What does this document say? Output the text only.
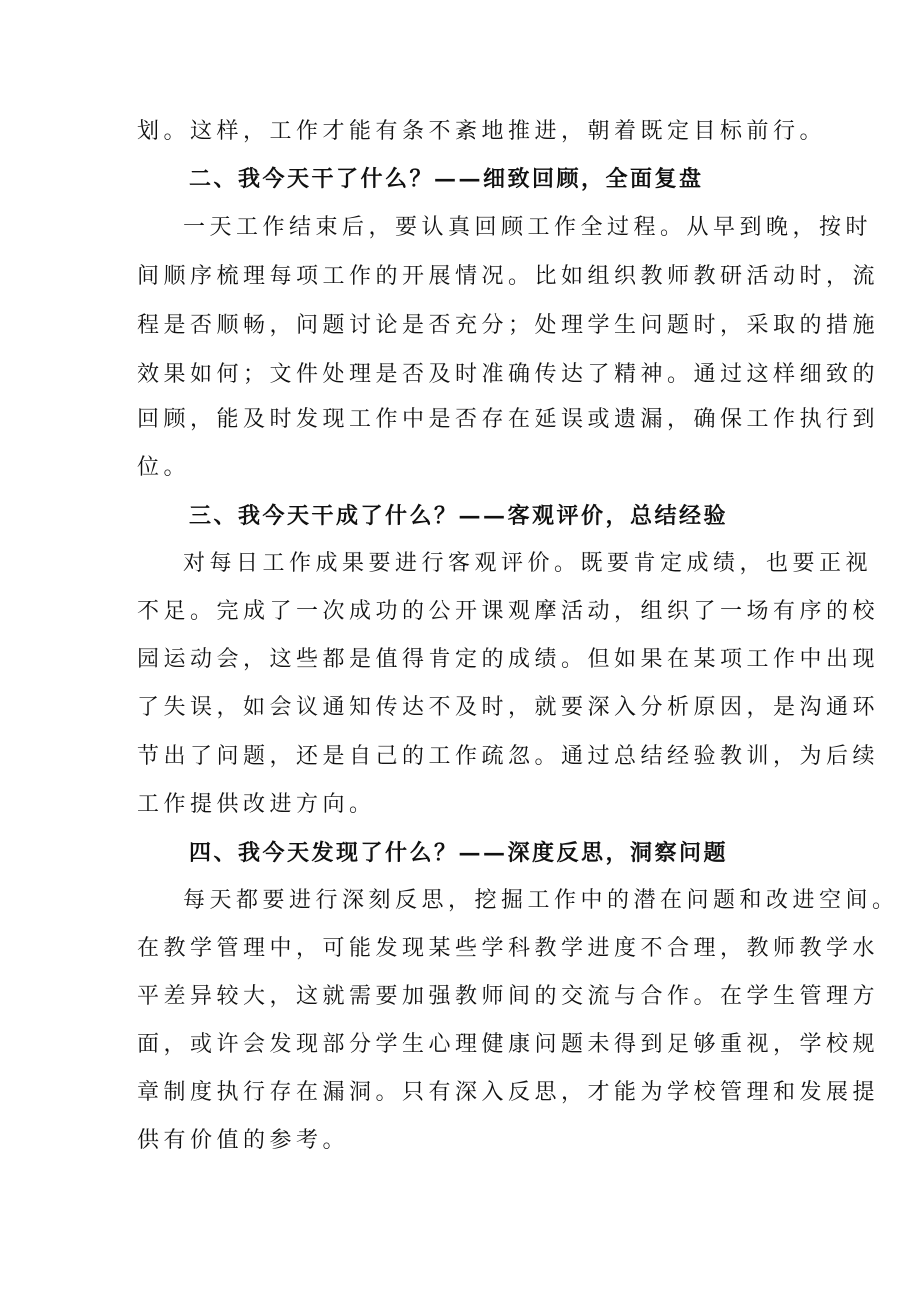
划。这样，工作才能有条不紊地推进，朝着既定目标前行。
二、我今天干了什么？——细致回顾，全面复盘
一天工作结束后，要认真回顾工作全过程。从早到晚，按时
间顺序梳理每项工作的开展情况。比如组织教师教研活动时，流
程是否顺畅，问题讨论是否充分；处理学生问题时，采取的措施
效果如何；文件处理是否及时准确传达了精神。通过这样细致的
回顾，能及时发现工作中是否存在延误或遗漏，确保工作执行到
位。
三、我今天干成了什么？——客观评价，总结经验
对每日工作成果要进行客观评价。既要肯定成绩，也要正视
不足。完成了一次成功的公开课观摩活动，组织了一场有序的校
园运动会，这些都是值得肯定的成绩。但如果在某项工作中出现
了失误，如会议通知传达不及时，就要深入分析原因，是沟通环
节出了问题，还是自己的工作疏忽。通过总结经验教训，为后续
工作提供改进方向。
四、我今天发现了什么？——深度反思，洞察问题
每天都要进行深刻反思，挖掘工作中的潜在问题和改进空间。
在教学管理中，可能发现某些学科教学进度不合理，教师教学水
平差异较大，这就需要加强教师间的交流与合作。在学生管理方
面，或许会发现部分学生心理健康问题未得到足够重视，学校规
章制度执行存在漏洞。只有深入反思，才能为学校管理和发展提
供有价值的参考。
